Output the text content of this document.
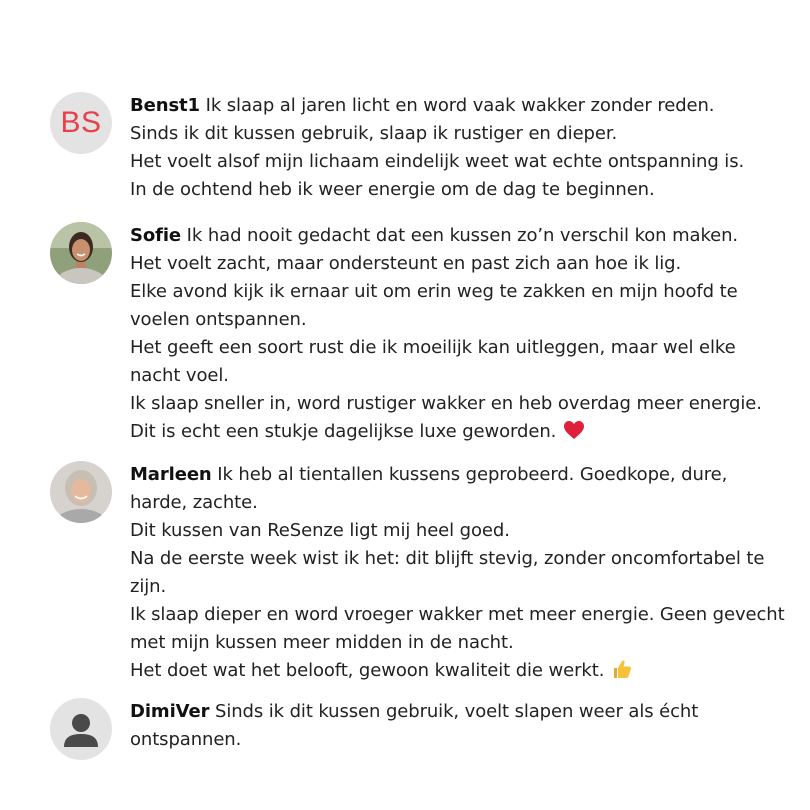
BS

Benst1 Ik slaap al jaren licht en word vaak wakker zonder reden.

Sinds ik dit kussen gebruik, slaap ik rustiger en dieper.

Het voelt alsof mijn lichaam eindelijk weet wat echte ontspanning is.

In de ochtend heb ik weer energie om de dag te beginnen.

Sofie Ik had nooit gedacht dat een kussen zo’n verschil kon maken.

Het voelt zacht, maar ondersteunt en past zich aan hoe ik lig.

Elke avond kijk ik ernaar uit om erin weg te zakken en mijn hoofd te

voelen ontspannen.

Het geeft een soort rust die ik moeilijk kan uitleggen, maar wel elke

nacht voel.

Ik slaap sneller in, word rustiger wakker en heb overdag meer energie.

Dit is echt een stukje dagelijkse luxe geworden.

Marleen Ik heb al tientallen kussens geprobeerd. Goedkope, dure,

harde, zachte.

Dit kussen van ReSenze ligt mij heel goed.

Na de eerste week wist ik het: dit blijft stevig, zonder oncomfortabel te

zijn.

Ik slaap dieper en word vroeger wakker met meer energie. Geen gevecht

met mijn kussen meer midden in de nacht.

Het doet wat het belooft, gewoon kwaliteit die werkt.

DimiVer Sinds ik dit kussen gebruik, voelt slapen weer als écht

ontspannen.
